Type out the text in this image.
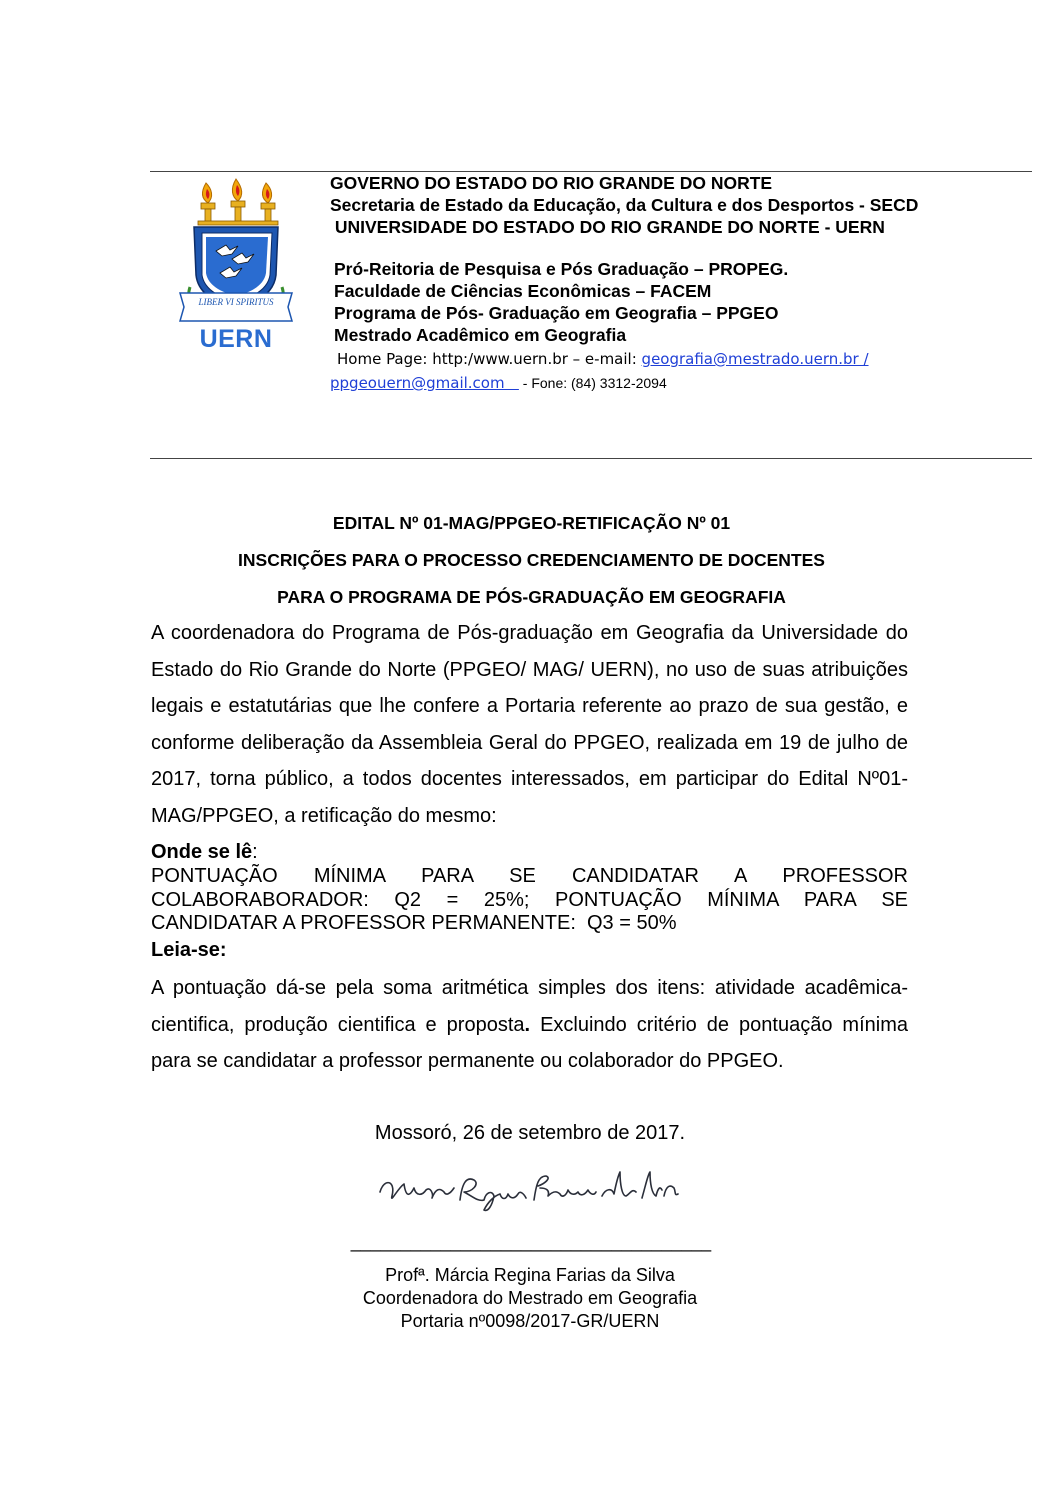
LIBER VI SPIRITUS
UERN
GOVERNO DO ESTADO DO RIO GRANDE DO NORTE
Secretaria de Estado da Educação, da Cultura e dos Desportos - SECD
UNIVERSIDADE DO ESTADO DO RIO GRANDE DO NORTE - UERN
Pró-Reitoria de Pesquisa e Pós Graduação – PROPEG.
Faculdade de Ciências Econômicas – FACEM
Programa de Pós- Graduação em Geografia – PPGEO
Mestrado Acadêmico em Geografia
Home Page: http:/www.uern.br – e-mail: geografia@mestrado.uern.br /
ppgeouern@gmail.com    - Fone: (84) 3312-2094
EDITAL Nº 01-MAG/PPGEO-RETIFICAÇÃO Nº 01
INSCRIÇÕES PARA O PROCESSO CREDENCIAMENTO DE DOCENTES
PARA O PROGRAMA DE PÓS-GRADUAÇÃO EM GEOGRAFIA
A coordenadora do Programa de Pós-graduação em Geografia da Universidade do Estado do Rio Grande do Norte (PPGEO/ MAG/ UERN), no uso de suas atribuições legais e estatutárias que lhe confere a Portaria referente ao prazo de sua gestão, e conforme deliberação da Assembleia Geral do PPGEO, realizada em 19 de julho de 2017, torna público, a todos docentes interessados, em participar do Edital Nº01-MAG/PPGEO, a retificação do mesmo:
Onde se lê:
PONTUAÇÃO MÍNIMA PARA SE CANDIDATAR A PROFESSOR
COLABORABORADOR: Q2 = 25%; PONTUAÇÃO MÍNIMA PARA SE
CANDIDATAR A PROFESSOR PERMANENTE:  Q3 = 50%
Leia-se:
A pontuação dá-se pela soma aritmética simples dos itens: atividade acadêmica-cientifica, produção cientifica e proposta. Excluindo critério de pontuação mínima para se candidatar a professor permanente ou colaborador do PPGEO.
Mossoró, 26 de setembro de 2017.
____________________________________
Profª. Márcia Regina Farias da Silva
Coordenadora do Mestrado em Geografia
Portaria nº0098/2017-GR/UERN
